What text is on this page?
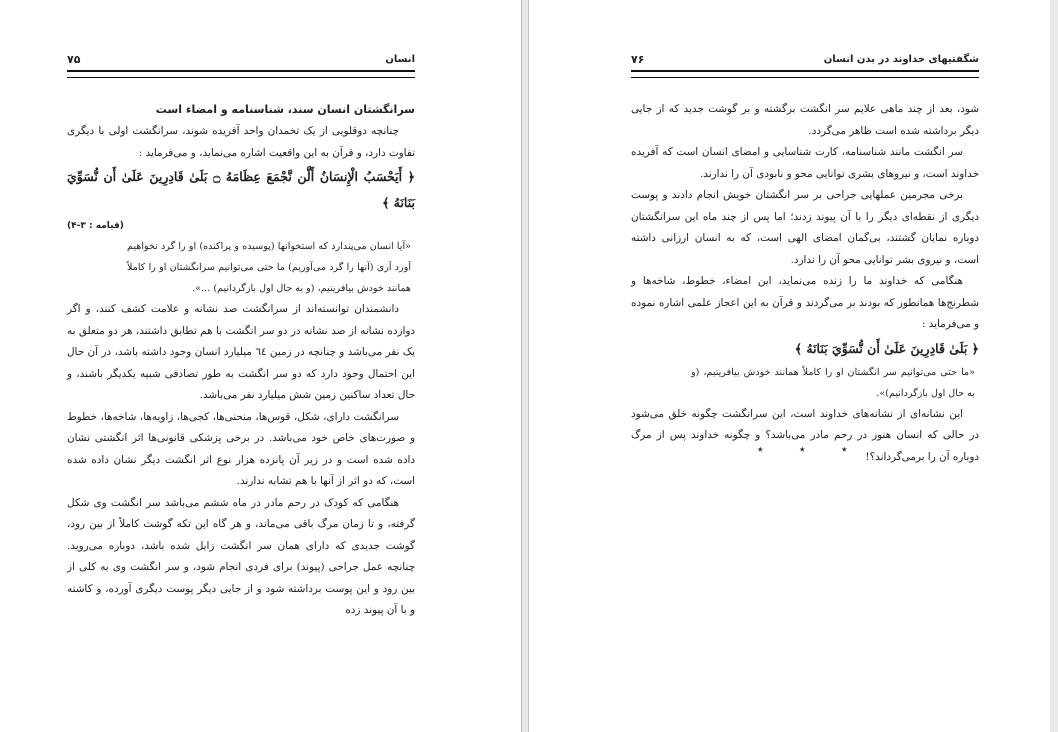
انسان
۷۵

سرانگشتان انسان سند، شناسنامه و امضاء است

چنانچه دوقلویی از یک تخمدان واحد آفریده شوند، سرانگشت اولی با دیگری تفاوت دارد، و قرآن به این واقعیت اشاره می‌نماید، و می‌فرماید :

﴿ أَيَحْسَبُ الْإِنسَانُ أَلَّن نَّجْمَعَ عِظَامَهُ ۝ بَلَىٰ قَادِرِينَ عَلَىٰ أَن نُّسَوِّيَ بَنَانَهُ ﴾

(قیامه : ۳-۴)

«آیا انسان می‌پندارد که استخوانها (پوسیده و پراکنده) او را گرد نخواهیم آورد آری (آنها را گرد می‌آوریم) ما حتی می‌توانیم سرانگشتان او را کاملاً همانند خودش بیافرینیم، (و به حال اول بازگردانیم) ...».

دانشمندان توانسته‌اند از سرانگشت صد نشانه و علامت کشف کنند، و اگر دوازده نشانه از صد نشانه در دو سر انگشت با هم تطابق داشتند، هر دو متعلق به یک نفر می‌باشد و چنانچه در زمین ٦٤ میلیارد انسان وجود داشته باشد، در آن حال این احتمال وجود دارد که دو سر انگشت به طور تصادفی شبیه یکدیگر باشند، و حال تعداد ساکنین زمین شش میلیارد نفر می‌باشد.

سرانگشت دارای، شکل، قوس‌ها، منحنی‌ها، کجی‌ها، زاویه‌ها، شاخه‌ها، خطوط و صورت‌های خاص خود می‌باشد. در برخی پزشکی قانونی‌ها اثر انگشتی نشان داده شده است و در زیر آن پانزده هزار نوع اثر انگشت دیگر نشان داده شده است، که دو اثر از آنها با هم تشابه ندارند.

هنگامی که کودک در رحم مادر در ماه ششم می‌باشد سر انگشت وی شکل گرفته، و تا زمان مرگ باقی می‌ماند، و هر گاه این تکه گوشت کاملاً از بین رود، گوشت جدیدی که دارای همان سر انگشت زایل شده باشد، دوباره می‌روید. چنانچه عمل جراحی (پیوند) برای فردی انجام شود، و سر انگشت وی به کلی از بین رود و این پوست برداشته شود و از جایی دیگر پوست دیگری آورده، و کاشته و با آن پیوند زده

شگفتیهای خداوند در بدن انسان
۷۶

شود، بعد از چند ماهی علایم سر انگشت برگشته و بر گوشت جدید که از جایی دیگر برداشته شده است ظاهر می‌گردد.

سر انگشت مانند شناسنامه، کارت شناسایی و امضای انسان است که آفریده خداوند است، و نیروهای بشری توانایی محو و نابودی آن را ندارند.

برخی مجرمین عملهایی جراحی بر سر انگشتان خویش انجام دادند و پوست دیگری از نقطه‌ای دیگر را با آن پیوند زدند؛ اما پس از چند ماه این سرانگشتان دوباره نمایان گشتند، بی‌گمان امضای الهی است، که به انسان ارزانی داشته است، و نیروی بشر توانایی محو آن را ندارد.

هنگامی که خداوند ما را زنده می‌نماید، این امضاء، خطوط، شاخه‌ها و شطرنج‌ها همانطور که بودند بر می‌گردند و قرآن به این اعجاز علمی اشاره نموده و می‌فرماید :

﴿ بَلَىٰ قَادِرِينَ عَلَىٰ أَن نُّسَوِّيَ بَنَانَهُ ﴾

«ما حتی می‌توانیم سر انگشتان او را کاملاً همانند خودش بیافرینیم، (و به حال اول بازگردانیم)».

این نشانه‌ای از نشانه‌های خداوند است، این سرانگشت چگونه خلق می‌شود در حالی که انسان هنوز در رحم مادر می‌باشد؟ و چگونه خداوند پس از مرگ دوباره آن را برمی‌گرداند؟!

٭	٭	٭
